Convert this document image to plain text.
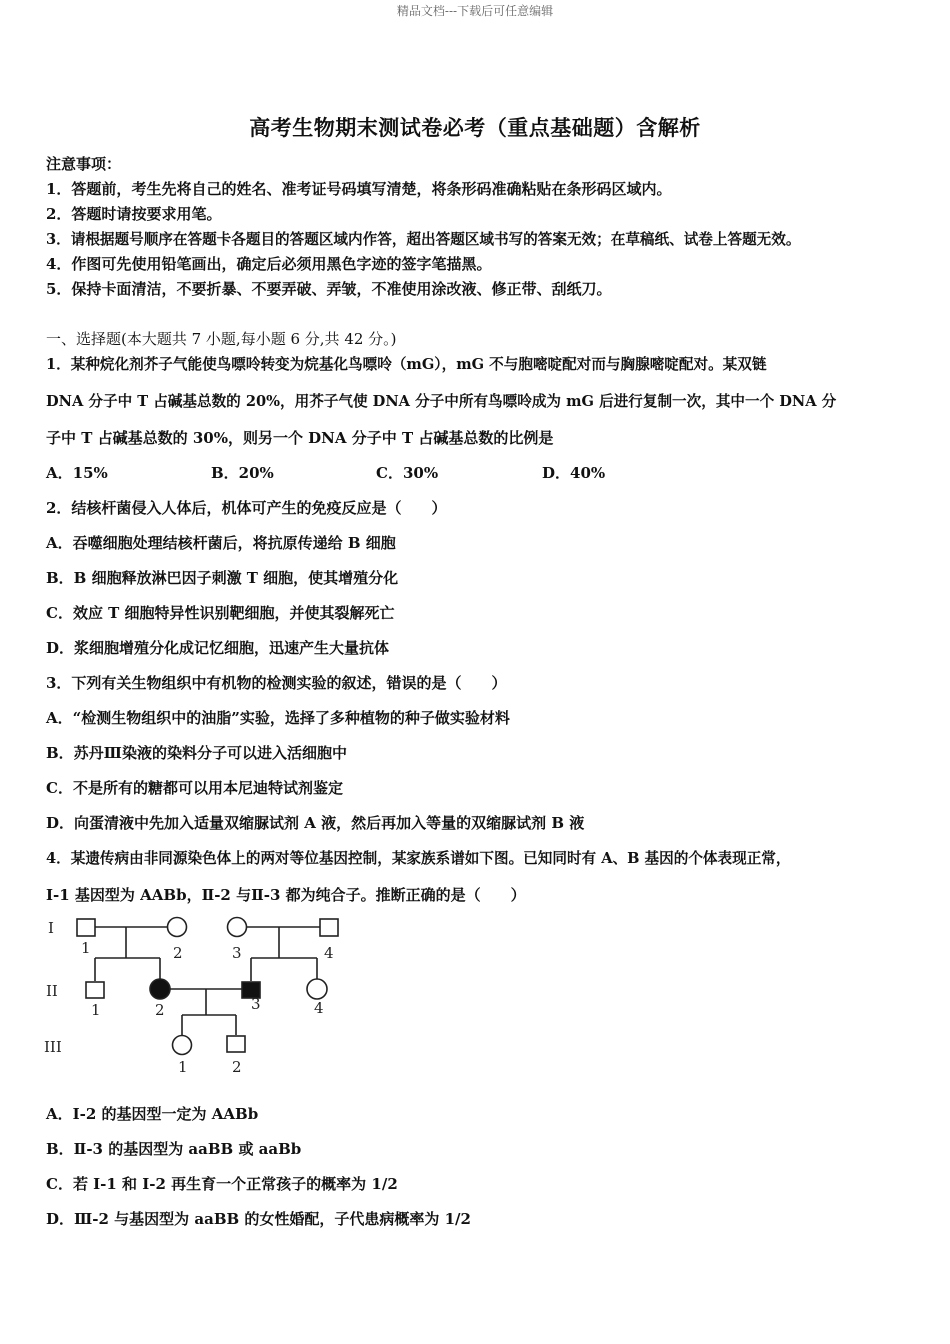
精品文档---下载后可任意编辑
高考生物期末测试卷必考（重点基础题）含解析
注意事项：
1．答题前，考生先将自己的姓名、准考证号码填写清楚，将条形码准确粘贴在条形码区域内。
2．答题时请按要求用笔。
3．请根据题号顺序在答题卡各题目的答题区域内作答，超出答题区域书写的答案无效；在草稿纸、试卷上答题无效。
4．作图可先使用铅笔画出，确定后必须用黑色字迹的签字笔描黑。
5．保持卡面清洁，不要折暴、不要弄破、弄皱，不准使用涂改液、修正带、刮纸刀。
一、选择题(本大题共 7 小题,每小题 6 分,共 42 分。)
1．某种烷化剂芥子气能使鸟嘌呤转变为烷基化鸟嘌呤（mG），mG 不与胞嘧啶配对而与胸腺嘧啶配对。某双链
DNA 分子中 T 占碱基总数的 20%，用芥子气使 DNA 分子中所有鸟嘌呤成为 mG 后进行复制一次，其中一个 DNA 分
子中 T 占碱基总数的 30%，则另一个 DNA 分子中 T 占碱基总数的比例是
A．15%	B．20%	C．30%	D．40%
2．结核杆菌侵入人体后，机体可产生的免疫反应是（　　）
A．吞噬细胞处理结核杆菌后，将抗原传递给 B 细胞
B．B 细胞释放淋巴因子刺激 T 细胞，使其增殖分化
C．效应 T 细胞特异性识别靶细胞，并使其裂解死亡
D．浆细胞增殖分化成记忆细胞，迅速产生大量抗体
3．下列有关生物组织中有机物的检测实验的叙述，错误的是（　　）
A．“检测生物组织中的油脂”实验，选择了多种植物的种子做实验材料
B．苏丹Ⅲ染液的染料分子可以进入活细胞中
C．不是所有的糖都可以用本尼迪特试剂鉴定
D．向蛋清液中先加入适量双缩脲试剂 A 液，然后再加入等量的双缩脲试剂 B 液
4．某遗传病由非同源染色体上的两对等位基因控制，某家族系谱如下图。已知同时有 A、B 基因的个体表现正常，
I-1 基因型为 AABb，Ⅱ-2 与Ⅱ-3 都为纯合子。推断正确的是（　　）
I
II
III
1	2	3	4
1	2	3	4
1	2
A．I-2 的基因型一定为 AABb
B．Ⅱ-3 的基因型为 aaBB 或 aaBb
C．若 I-1 和 I-2 再生育一个正常孩子的概率为 1/2
D．Ⅲ-2 与基因型为 aaBB 的女性婚配，子代患病概率为 1/2
